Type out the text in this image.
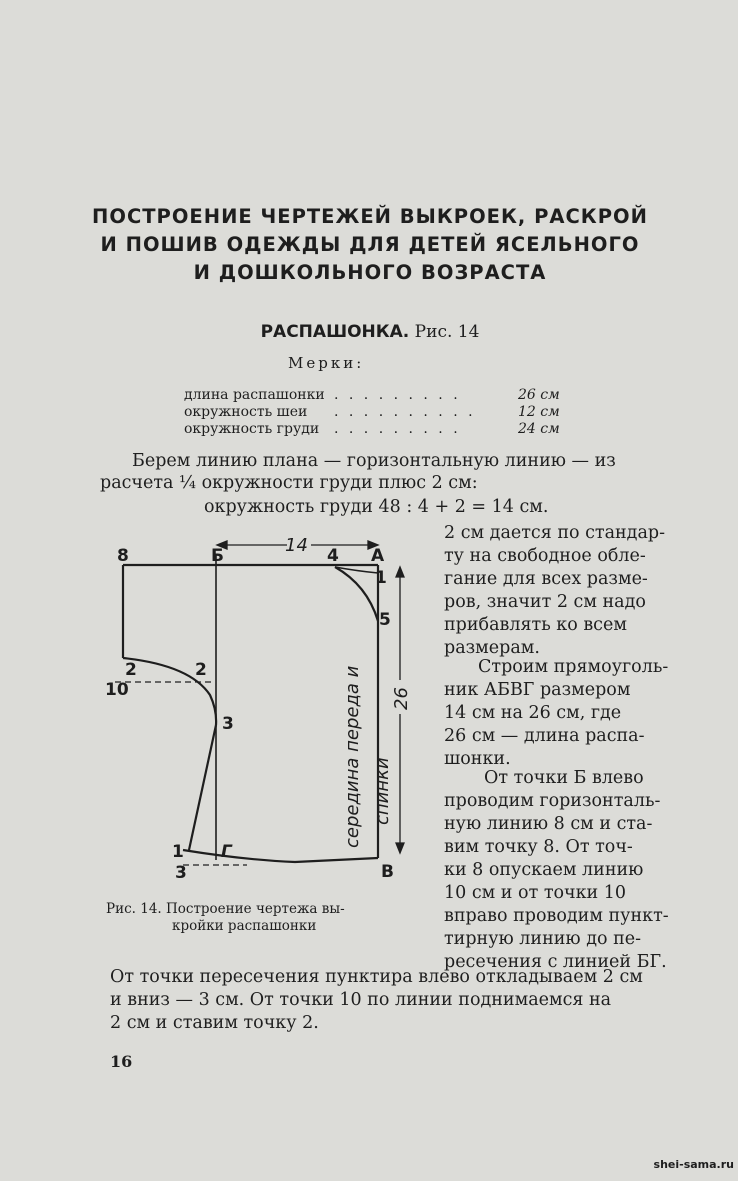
ПОСТРОЕНИЕ ЧЕРТЕЖЕЙ ВЫКРОЕК, РАСКРОЙ
И ПОШИВ ОДЕЖДЫ ДЛЯ ДЕТЕЙ ЯСЕЛЬНОГО
И ДОШКОЛЬНОГО ВОЗРАСТА
РАСПАШОНКА. Рис. 14
Мерки:
длина распашонки . . . . . . . . .	26 см
окружность шеи . . . . . . . . . .	12 см
окружность груди . . . . . . . . .	24 см
Берем линию плана — горизонтальную линию — из
расчета ¼ окружности груди плюс 2 см:
окружность груди 48 : 4 + 2 = 14 см.
2 см дается по стандар-
ту на свободное обле-
гание для всех разме-
ров, значит 2 см надо
прибавлять ко всем
размерам.
Строим прямоуголь-
ник АБВГ размером
14 см на 26 см, где
26 см — длина распа-
шонки.
От точки Б влево
проводим горизонталь-
ную линию 8 см и ста-
вим точку 8. От точ-
ки 8 опускаем линию
10 см и от точки 10
вправо проводим пункт-
тирную линию до пе-
ресечения с линией БГ.
14
26
середина переда и спинки
8	Б	А
4
1
5
2	2
10
3
1 Г
3	В
Рис. 14. Построение чертежа вы-
кройки распашонки
От точки пересечения пунктира влево откладываем 2 см
и вниз — 3 см. От точки 10 по линии поднимаемся на
2 см и ставим точку 2.
16
shei-sama.ru
